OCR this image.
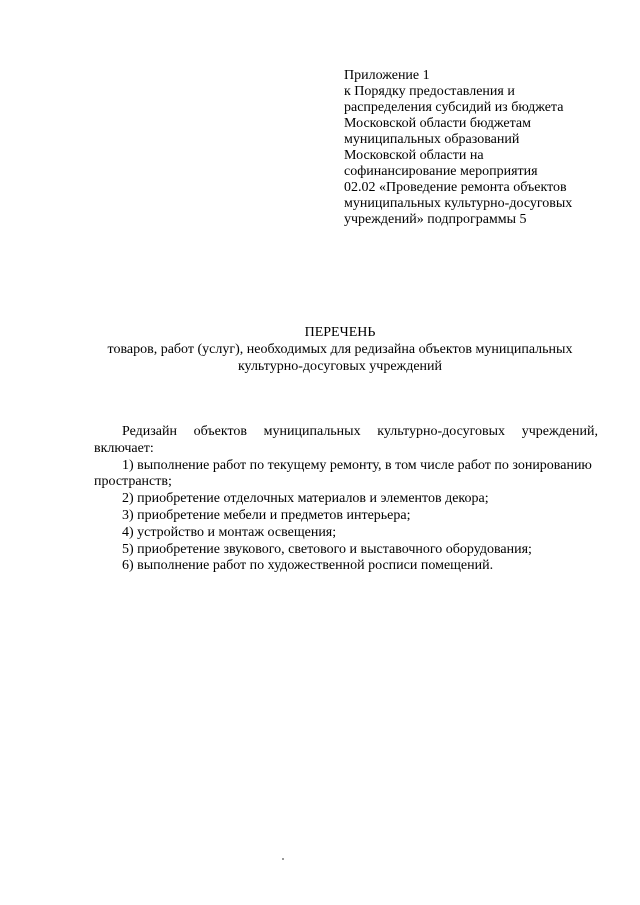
Приложение 1
к Порядку предоставления и
распределения субсидий из бюджета
Московской области бюджетам
муниципальных образований
Московской области на
софинансирование мероприятия
02.02 «Проведение ремонта объектов
муниципальных культурно-досуговых
учреждений» подпрограммы 5
ПЕРЕЧЕНЬ
товаров, работ (услуг), необходимых для редизайна объектов муниципальных
культурно-досуговых учреждений
Редизайн объектов муниципальных культурно-досуговых учреждений,

включает:

1) выполнение работ по текущему ремонту, в том числе работ по зонированию

пространств;

2) приобретение отделочных материалов и элементов декора;

3) приобретение мебели и предметов интерьера;

4) устройство и монтаж освещения;

5) приобретение звукового, светового и выставочного оборудования;

6) выполнение работ по художественной росписи помещений.
